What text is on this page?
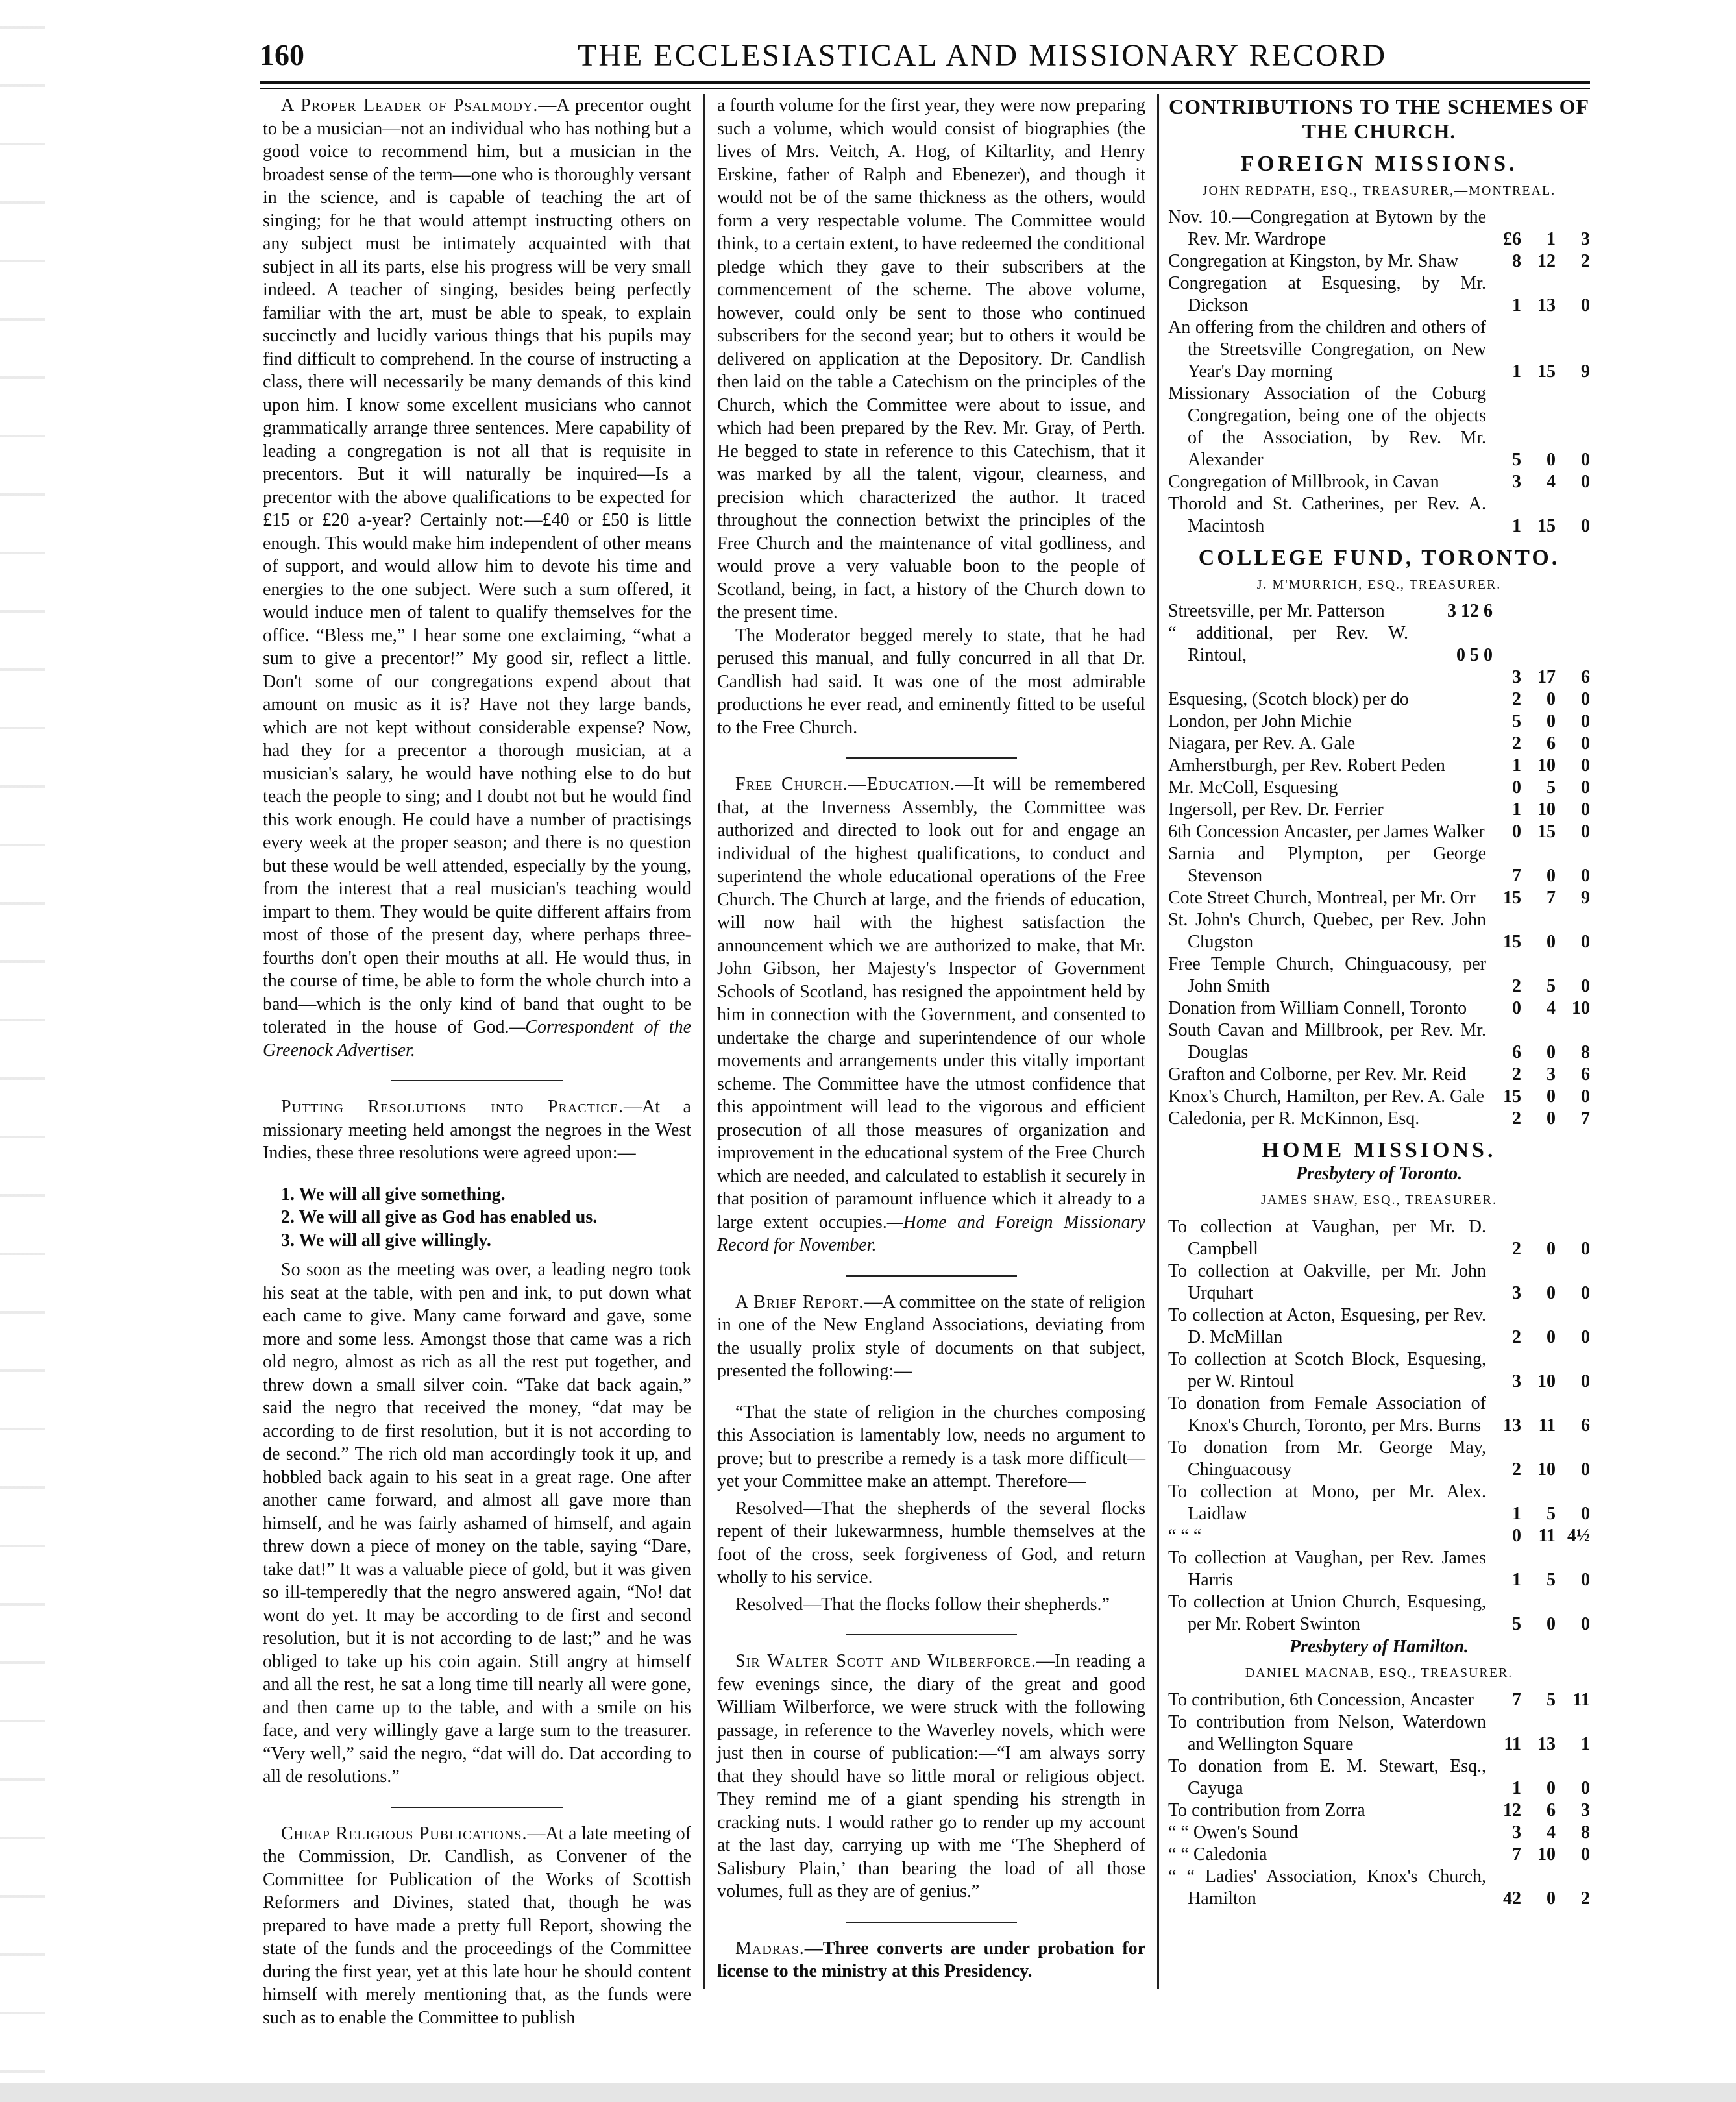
160	THE ECCLESIASTICAL AND MISSIONARY RECORD

A Proper Leader of Psalmody.—A precentor ought to be a musician—not an individual who has nothing but a good voice to recommend him, but a musician in the broadest sense of the term—one who is thoroughly versant in the science, and is capable of teaching the art of singing; for he that would attempt instructing others on any subject must be intimately acquainted with that subject in all its parts, else his progress will be very small indeed. A teacher of singing, besides being perfectly familiar with the art, must be able to speak, to explain succinctly and lucidly various things that his pupils may find difficult to comprehend. In the course of instructing a class, there will necessarily be many demands of this kind upon him. I know some excellent musicians who cannot grammatically arrange three sentences. Mere capability of leading a congregation is not all that is requisite in precentors. But it will naturally be inquired—Is a precentor with the above qualifications to be expected for £15 or £20 a-year? Certainly not:—£40 or £50 is little enough. This would make him independent of other means of support, and would allow him to devote his time and energies to the one subject. Were such a sum offered, it would induce men of talent to qualify themselves for the office. “Bless me,” I hear some one exclaiming, “what a sum to give a precentor!” My good sir, reflect a little. Don't some of our congregations expend about that amount on music as it is? Have not they large bands, which are not kept without considerable expense? Now, had they for a precentor a thorough musician, at a musician's salary, he would have nothing else to do but teach the people to sing; and I doubt not but he would find this work enough. He could have a number of practisings every week at the proper season; and there is no question but these would be well attended, especially by the young, from the interest that a real musician's teaching would impart to them. They would be quite different affairs from most of those of the present day, where perhaps three-fourths don't open their mouths at all. He would thus, in the course of time, be able to form the whole church into a band—which is the only kind of band that ought to be tolerated in the house of God.—Correspondent of the Greenock Advertiser.

Putting Resolutions into Practice.—At a missionary meeting held amongst the negroes in the West Indies, these three resolutions were agreed upon:—

1. We will all give something.
2. We will all give as God has enabled us.
3. We will all give willingly.

So soon as the meeting was over, a leading negro took his seat at the table, with pen and ink, to put down what each came to give. Many came forward and gave, some more and some less. Amongst those that came was a rich old negro, almost as rich as all the rest put together, and threw down a small silver coin. “Take dat back again,” said the negro that received the money, “dat may be according to de first resolution, but it is not according to de second.” The rich old man accordingly took it up, and hobbled back again to his seat in a great rage. One after another came forward, and almost all gave more than himself, and he was fairly ashamed of himself, and again threw down a piece of money on the table, saying “Dare, take dat!” It was a valuable piece of gold, but it was given so ill-temperedly that the negro answered again, “No! dat wont do yet. It may be according to de first and second resolution, but it is not according to de last;” and he was obliged to take up his coin again. Still angry at himself and all the rest, he sat a long time till nearly all were gone, and then came up to the table, and with a smile on his face, and very willingly gave a large sum to the treasurer. “Very well,” said the negro, “dat will do. Dat according to all de resolutions.”

Cheap Religious Publications.—At a late meeting of the Commission, Dr. Candlish, as Convener of the Committee for Publication of the Works of Scottish Reformers and Divines, stated that, though he was prepared to have made a pretty full Report, showing the state of the funds and the proceedings of the Committee during the first year, yet at this late hour he should content himself with merely mentioning that, as the funds were such as to enable the Committee to publish

a fourth volume for the first year, they were now preparing such a volume, which would consist of biographies (the lives of Mrs. Veitch, A. Hog, of Kiltarlity, and Henry Erskine, father of Ralph and Ebenezer), and though it would not be of the same thickness as the others, would form a very respectable volume. The Committee would think, to a certain extent, to have redeemed the conditional pledge which they gave to their subscribers at the commencement of the scheme. The above volume, however, could only be sent to those who continued subscribers for the second year; but to others it would be delivered on application at the Depository. Dr. Candlish then laid on the table a Catechism on the principles of the Church, which the Committee were about to issue, and which had been prepared by the Rev. Mr. Gray, of Perth. He begged to state in reference to this Catechism, that it was marked by all the talent, vigour, clearness, and precision which characterized the author. It traced throughout the connection betwixt the principles of the Free Church and the maintenance of vital godliness, and would prove a very valuable boon to the people of Scotland, being, in fact, a history of the Church down to the present time.

The Moderator begged merely to state, that he had perused this manual, and fully concurred in all that Dr. Candlish had said. It was one of the most admirable productions he ever read, and eminently fitted to be useful to the Free Church.

Free Church.—Education.—It will be remembered that, at the Inverness Assembly, the Committee was authorized and directed to look out for and engage an individual of the highest qualifications, to conduct and superintend the whole educational operations of the Free Church. The Church at large, and the friends of education, will now hail with the highest satisfaction the announcement which we are authorized to make, that Mr. John Gibson, her Majesty's Inspector of Government Schools of Scotland, has resigned the appointment held by him in connection with the Government, and consented to undertake the charge and superintendence of our whole movements and arrangements under this vitally important scheme. The Committee have the utmost confidence that this appointment will lead to the vigorous and efficient prosecution of all those measures of organization and improvement in the educational system of the Free Church which are needed, and calculated to establish it securely in that position of paramount influence which it already to a large extent occupies.—Home and Foreign Missionary Record for November.

A Brief Report.—A committee on the state of religion in one of the New England Associations, deviating from the usually prolix style of documents on that subject, presented the following:—

“That the state of religion in the churches composing this Association is lamentably low, needs no argument to prove; but to prescribe a remedy is a task more difficult—yet your Committee make an attempt. Therefore—

Resolved—That the shepherds of the several flocks repent of their lukewarmness, humble themselves at the foot of the cross, seek forgiveness of God, and return wholly to his service.

Resolved—That the flocks follow their shepherds.”

Sir Walter Scott and Wilberforce.—In reading a few evenings since, the diary of the great and good William Wilberforce, we were struck with the following passage, in reference to the Waverley novels, which were just then in course of publication:—“I am always sorry that they should have so little moral or religious object. They remind me of a giant spending his strength in cracking nuts. I would rather go to render up my account at the last day, carrying up with me ‘The Shepherd of Salisbury Plain,’ than bearing the load of all those volumes, full as they are of genius.”

Madras.—Three converts are under probation for license to the ministry at this Presidency.

CONTRIBUTIONS TO THE SCHEMES OF THE CHURCH.
FOREIGN MISSIONS.
JOHN REDPATH, ESQ., TREASURER,—MONTREAL.
Nov. 10.—Congregation at Bytown by the Rev. Mr. Wardrope	£6	1	3
Congregation at Kingston, by Mr. Shaw	8 12	2
Congregation at Esquesing, by Mr. Dickson	1 13	0
An offering from the children and others of the Streetsville Congregation, on New Year's Day morning	1 15	9
Missionary Association of the Coburg Congregation, being one of the objects of the Association, by Rev. Mr. Alexander	5	0	0
Congregation of Millbrook, in Cavan	3	4	0
Thorold and St. Catherines, per Rev. A. Macintosh	1 15	0
COLLEGE FUND, TORONTO.
J. M'MURRICH, ESQ., TREASURER.
Streetsville, per Mr. Patterson	3 12 6
“ additional, per Rev. W. Rintoul,	0 5 0
3 17	6
Esquesing, (Scotch block) per do	2	0	0
London, per John Michie	5	0	0
Niagara, per Rev. A. Gale	2	6	0
Amherstburgh, per Rev. Robert Peden	1 10	0
Mr. McColl, Esquesing	0	5	0
Ingersoll, per Rev. Dr. Ferrier	1 10	0
6th Concession Ancaster, per James Walker	0 15	0
Sarnia and Plympton, per George Stevenson	7	0	0
Cote Street Church, Montreal, per Mr. Orr	15	7	9
St. John's Church, Quebec, per Rev. John Clugston	15	0	0
Free Temple Church, Chinguacousy, per John Smith	2	5	0
Donation from William Connell, Toronto	0	4 10
South Cavan and Millbrook, per Rev. Mr. Douglas	6	0	8
Grafton and Colborne, per Rev. Mr. Reid	2	3	6
Knox's Church, Hamilton, per Rev. A. Gale	15	0	0
Caledonia, per R. McKinnon, Esq.	2	0	7
HOME MISSIONS.
Presbytery of Toronto.
JAMES SHAW, ESQ., TREASURER.
To collection at Vaughan, per Mr. D. Campbell	2	0	0
To collection at Oakville, per Mr. John Urquhart	3	0	0
To collection at Acton, Esquesing, per Rev. D. McMillan	2	0	0
To collection at Scotch Block, Esquesing, per W. Rintoul	3 10	0
To donation from Female Association of Knox's Church, Toronto, per Mrs. Burns	13 11	6
To donation from Mr. George May, Chinguacousy	2 10	0
To collection at Mono, per Mr. Alex. Laidlaw	1	5	0
“ “ “	0 11 4½
To collection at Vaughan, per Rev. James Harris	1	5	0
To collection at Union Church, Esquesing, per Mr. Robert Swinton	5	0	0
Presbytery of Hamilton.
DANIEL MACNAB, ESQ., TREASURER.
To contribution, 6th Concession, Ancaster	7	5 11
To contribution from Nelson, Waterdown and Wellington Square	11 13	1
To donation from E. M. Stewart, Esq., Cayuga	1	0	0
To contribution from Zorra	12	6	3
“ “ Owen's Sound	3	4	8
“ “ Caledonia	7 10	0
“ “ Ladies' Association, Knox's Church, Hamilton	42	0	2
